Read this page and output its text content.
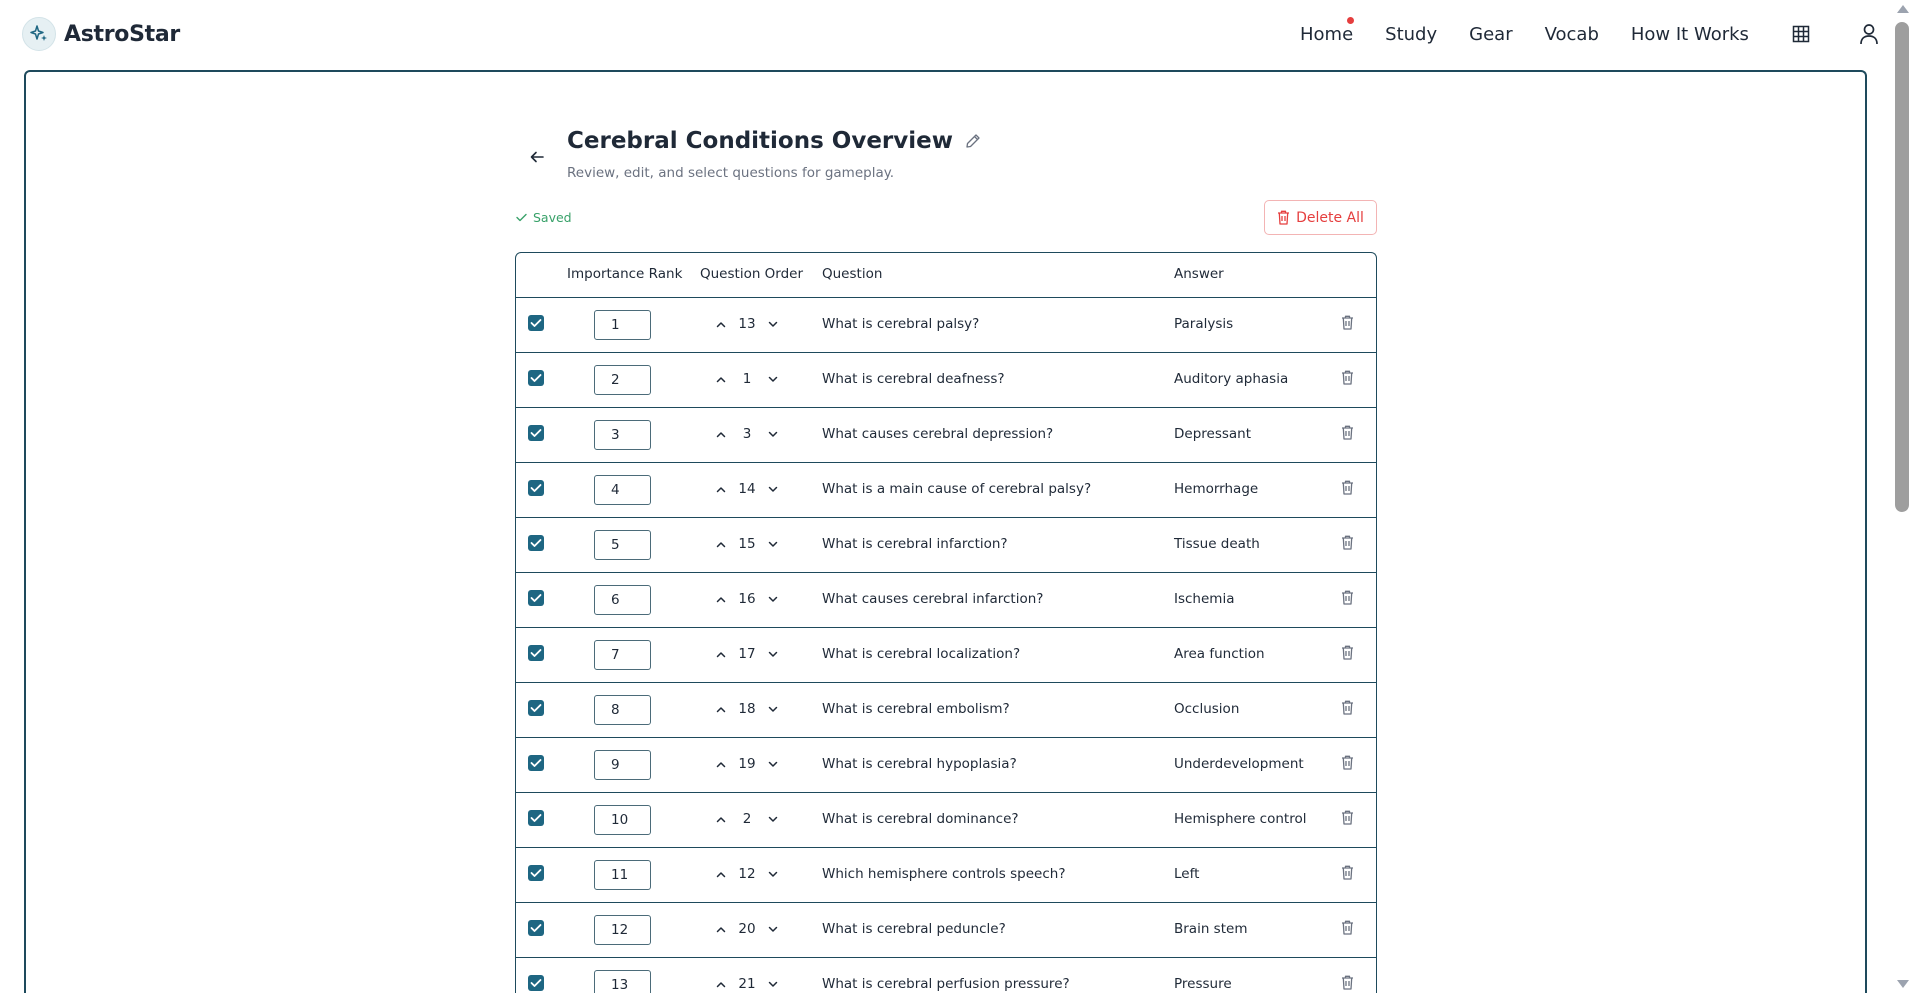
AstroStar	Home Study Gear Vocab How It Works
Cerebral Conditions Overview
Review, edit, and select questions for gameplay.
Saved	Delete All
Importance Rank Question Order Question	Answer
1	13	What is cerebral palsy?	Paralysis
2	1	What is cerebral deafness?	Auditory aphasia
3	3	What causes cerebral depression?	Depressant
4	14	What is a main cause of cerebral palsy?	Hemorrhage
5	15	What is cerebral infarction?	Tissue death
6	16	What causes cerebral infarction?	Ischemia
7	17	What is cerebral localization?	Area function
8	18	What is cerebral embolism?	Occlusion
9	19	What is cerebral hypoplasia?	Underdevelopment
10	2	What is cerebral dominance?	Hemisphere control
11	12	Which hemisphere controls speech?	Left
12	20	What is cerebral peduncle?	Brain stem
13	21	What is cerebral perfusion pressure?	Pressure
